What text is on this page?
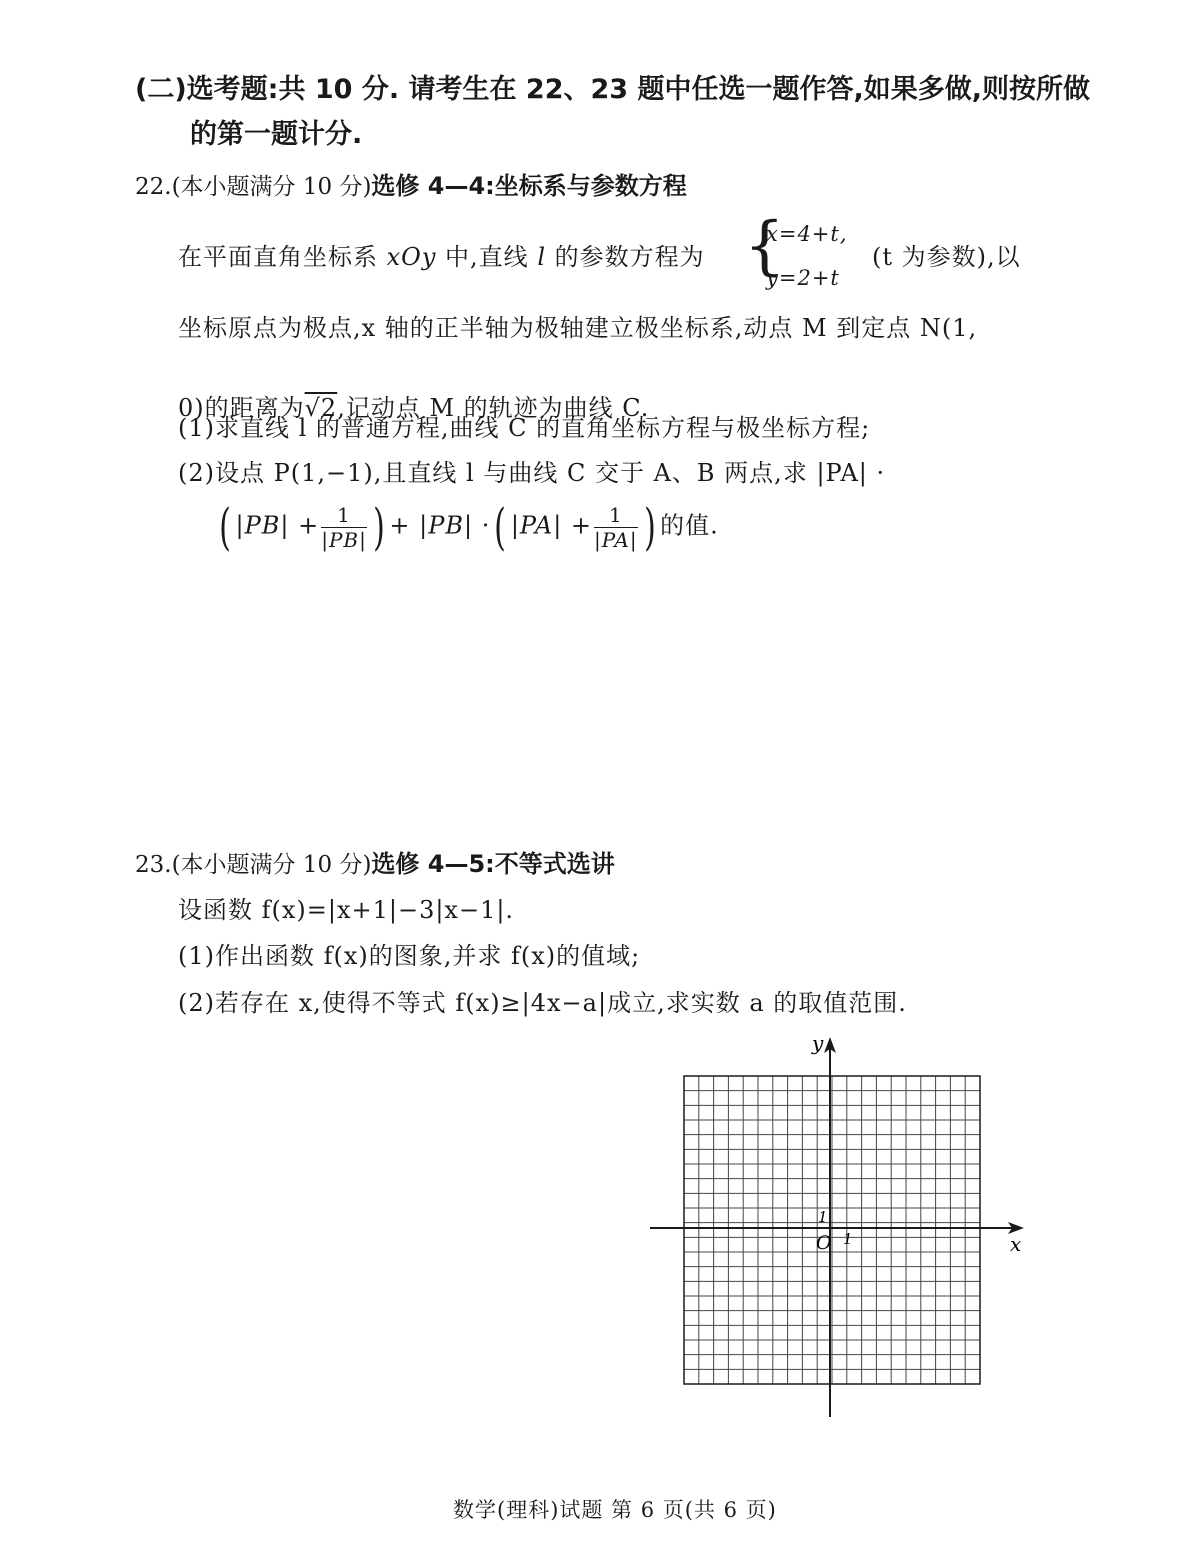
(二)选考题:共 10 分. 请考生在 22、23 题中任选一题作答,如果多做,则按所做
的第一题计分.
22.(本小题满分 10 分)选修 4—4:坐标系与参数方程
在平面直角坐标系 xOy 中,直线 l 的参数方程为 {
x=4+t,
y=2+t
(t 为参数),以
坐标原点为极点,x 轴的正半轴为极轴建立极坐标系,动点 M 到定点 N(1,
0)的距离为√2,记动点 M 的轨迹为曲线 C.
(1)求直线 l 的普通方程,曲线 C 的直角坐标方程与极坐标方程;
(2)设点 P(1,−1),且直线 l 与曲线 C 交于 A、B 两点,求 |PA| ·
( $|PB| + \frac{1}{|PB|}$ ) + |PB| ·( $|PA| + \frac{1}{|PA|}$ ) 的值.
23.(本小题满分 10 分)选修 4—5:不等式选讲
设函数 f(x)=|x+1|−3|x−1|.
(1)作出函数 f(x)的图象,并求 f(x)的值域;
(2)若存在 x,使得不等式 f(x)≥|4x−a|成立,求实数 a 的取值范围.
y
x
O 1
1
数学(理科)试题 第 6 页(共 6 页)
